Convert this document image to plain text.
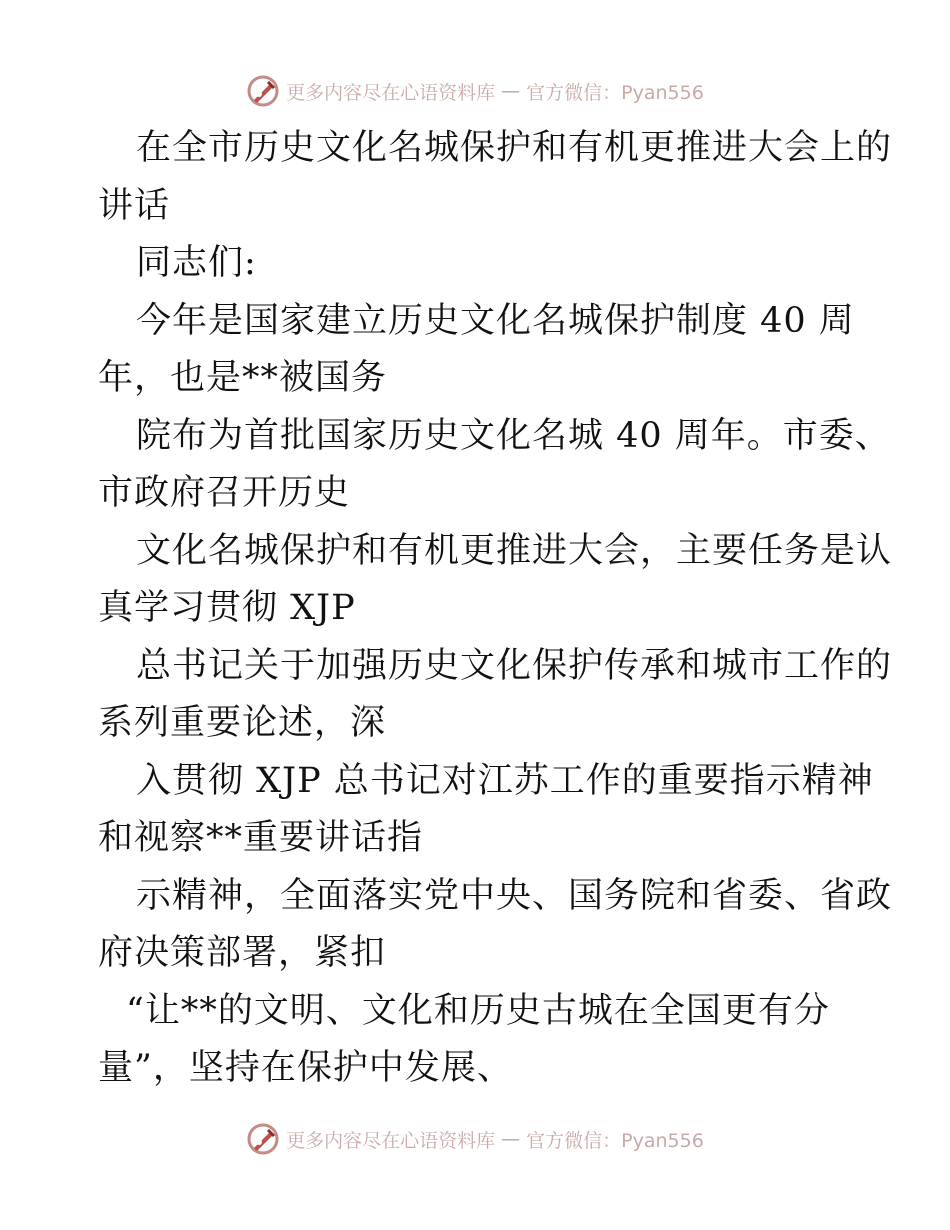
更多内容尽在心语资料库 — 官方微信：Pyan556

在全市历史文化名城保护和有机更推进大会上的
讲话

同志们:

今年是国家建立历史文化名城保护制度 40 周
年，也是**被国务

院布为首批国家历史文化名城 40 周年。市委、
市政府召开历史

文化名城保护和有机更推进大会，主要任务是认
真学习贯彻 XJP

总书记关于加强历史文化保护传承和城市工作的
系列重要论述，深

入贯彻 XJP 总书记对江苏工作的重要指示精神
和视察**重要讲话指

示精神，全面落实党中央、国务院和省委、省政
府决策部署，紧扣

“让**的文明、文化和历史古城在全国更有分
量”，坚持在保护中发展、

更多内容尽在心语资料库 — 官方微信：Pyan556
